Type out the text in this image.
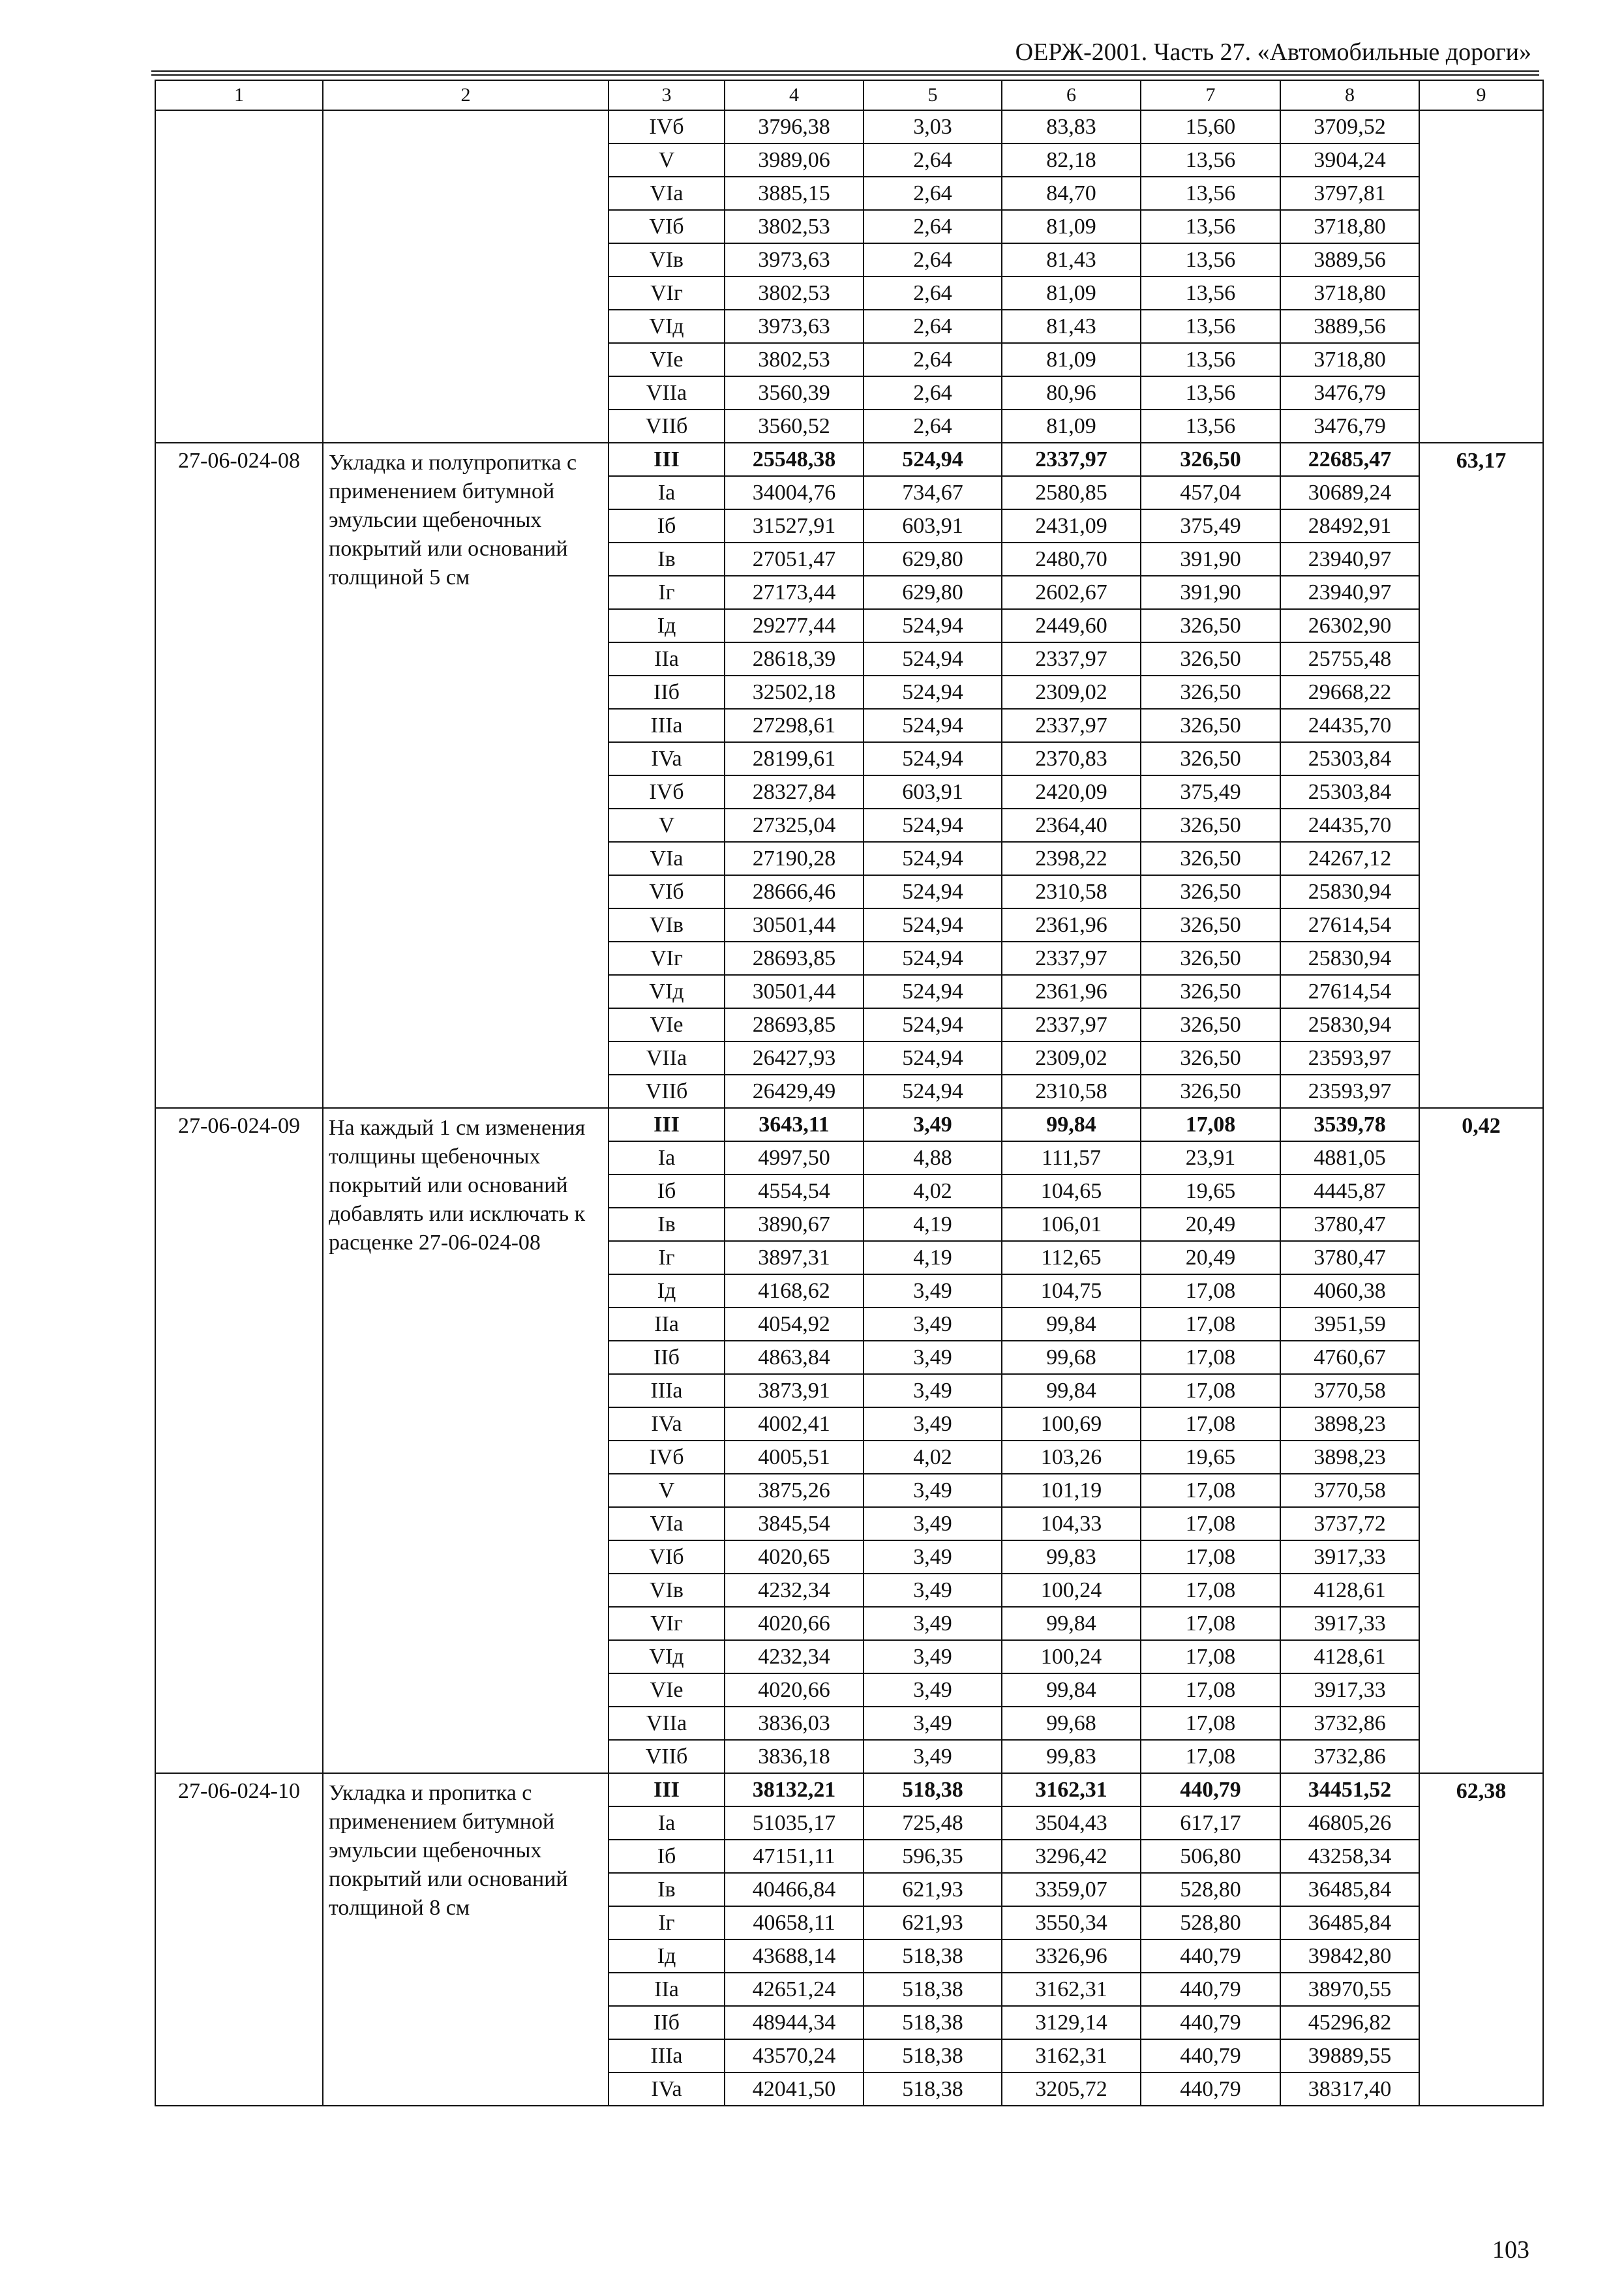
ОЕРЖ-2001. Часть 27. «Автомобильные дороги»
1	2	3	4	5	6	7	8	9
		IVб	3796,38	3,03	83,83	15,60	3709,52	
		V	3989,06	2,64	82,18	13,56	3904,24	
		VIa	3885,15	2,64	84,70	13,56	3797,81	
		VIб	3802,53	2,64	81,09	13,56	3718,80	
		VIв	3973,63	2,64	81,43	13,56	3889,56	
		VIг	3802,53	2,64	81,09	13,56	3718,80	
		VIд	3973,63	2,64	81,43	13,56	3889,56	
		VIe	3802,53	2,64	81,09	13,56	3718,80	
		VIIa	3560,39	2,64	80,96	13,56	3476,79	
		VIIб	3560,52	2,64	81,09	13,56	3476,79	
27-06-024-08	Укладка и полупропитка с применением битумной эмульсии щебеночных покрытий или оснований толщиной 5 см	III	25548,38	524,94	2337,97	326,50	22685,47	63,17
		Ia	34004,76	734,67	2580,85	457,04	30689,24	
		Iб	31527,91	603,91	2431,09	375,49	28492,91	
		Iв	27051,47	629,80	2480,70	391,90	23940,97	
		Iг	27173,44	629,80	2602,67	391,90	23940,97	
		Iд	29277,44	524,94	2449,60	326,50	26302,90	
		IIa	28618,39	524,94	2337,97	326,50	25755,48	
		IIб	32502,18	524,94	2309,02	326,50	29668,22	
		IIIa	27298,61	524,94	2337,97	326,50	24435,70	
		IVa	28199,61	524,94	2370,83	326,50	25303,84	
		IVб	28327,84	603,91	2420,09	375,49	25303,84	
		V	27325,04	524,94	2364,40	326,50	24435,70	
		VIa	27190,28	524,94	2398,22	326,50	24267,12	
		VIб	28666,46	524,94	2310,58	326,50	25830,94	
		VIв	30501,44	524,94	2361,96	326,50	27614,54	
		VIг	28693,85	524,94	2337,97	326,50	25830,94	
		VIд	30501,44	524,94	2361,96	326,50	27614,54	
		VIe	28693,85	524,94	2337,97	326,50	25830,94	
		VIIa	26427,93	524,94	2309,02	326,50	23593,97	
		VIIб	26429,49	524,94	2310,58	326,50	23593,97	
27-06-024-09	На каждый 1 см изменения толщины щебеночных покрытий или оснований добавлять или исключать к расценке 27-06-024-08	III	3643,11	3,49	99,84	17,08	3539,78	0,42
		Ia	4997,50	4,88	111,57	23,91	4881,05	
		Iб	4554,54	4,02	104,65	19,65	4445,87	
		Iв	3890,67	4,19	106,01	20,49	3780,47	
		Iг	3897,31	4,19	112,65	20,49	3780,47	
		Iд	4168,62	3,49	104,75	17,08	4060,38	
		IIa	4054,92	3,49	99,84	17,08	3951,59	
		IIб	4863,84	3,49	99,68	17,08	4760,67	
		IIIa	3873,91	3,49	99,84	17,08	3770,58	
		IVa	4002,41	3,49	100,69	17,08	3898,23	
		IVб	4005,51	4,02	103,26	19,65	3898,23	
		V	3875,26	3,49	101,19	17,08	3770,58	
		VIa	3845,54	3,49	104,33	17,08	3737,72	
		VIб	4020,65	3,49	99,83	17,08	3917,33	
		VIв	4232,34	3,49	100,24	17,08	4128,61	
		VIг	4020,66	3,49	99,84	17,08	3917,33	
		VIд	4232,34	3,49	100,24	17,08	4128,61	
		VIe	4020,66	3,49	99,84	17,08	3917,33	
		VIIa	3836,03	3,49	99,68	17,08	3732,86	
		VIIб	3836,18	3,49	99,83	17,08	3732,86	
27-06-024-10	Укладка и пропитка с применением битумной эмульсии щебеночных покрытий или оснований толщиной 8 см	III	38132,21	518,38	3162,31	440,79	34451,52	62,38
		Ia	51035,17	725,48	3504,43	617,17	46805,26	
		Iб	47151,11	596,35	3296,42	506,80	43258,34	
		Iв	40466,84	621,93	3359,07	528,80	36485,84	
		Iг	40658,11	621,93	3550,34	528,80	36485,84	
		Iд	43688,14	518,38	3326,96	440,79	39842,80	
		IIa	42651,24	518,38	3162,31	440,79	38970,55	
		IIб	48944,34	518,38	3129,14	440,79	45296,82	
		IIIa	43570,24	518,38	3162,31	440,79	39889,55	
		IVa	42041,50	518,38	3205,72	440,79	38317,40	
103
